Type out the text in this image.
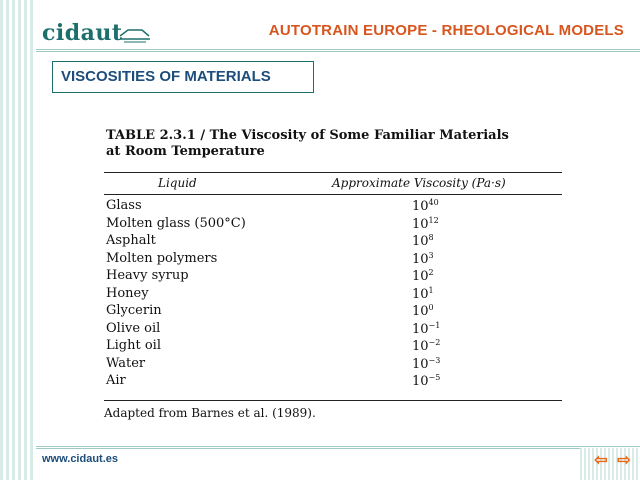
cidaut	AUTOTRAIN EUROPE - RHEOLOGICAL MODELS
VISCOSITIES OF MATERIALS
TABLE 2.3.1 / The Viscosity of Some Familiar Materials
at Room Temperature
Liquid	Approximate Viscosity (Pa·s)
Glass	$10^{40}$
Molten glass (500°C)	$10^{12}$
Asphalt	$10^8$
Molten polymers	$10^3$
Heavy syrup	$10^2$
Honey	$10^1$
Glycerin	$10^0$
Olive oil	$10^{-1}$
Light oil	$10^{-2}$
Water	$10^{-3}$
Air	$10^{-5}$
Adapted from Barnes et al. (1989).
www.cidaut.es	⇦ ⇨
